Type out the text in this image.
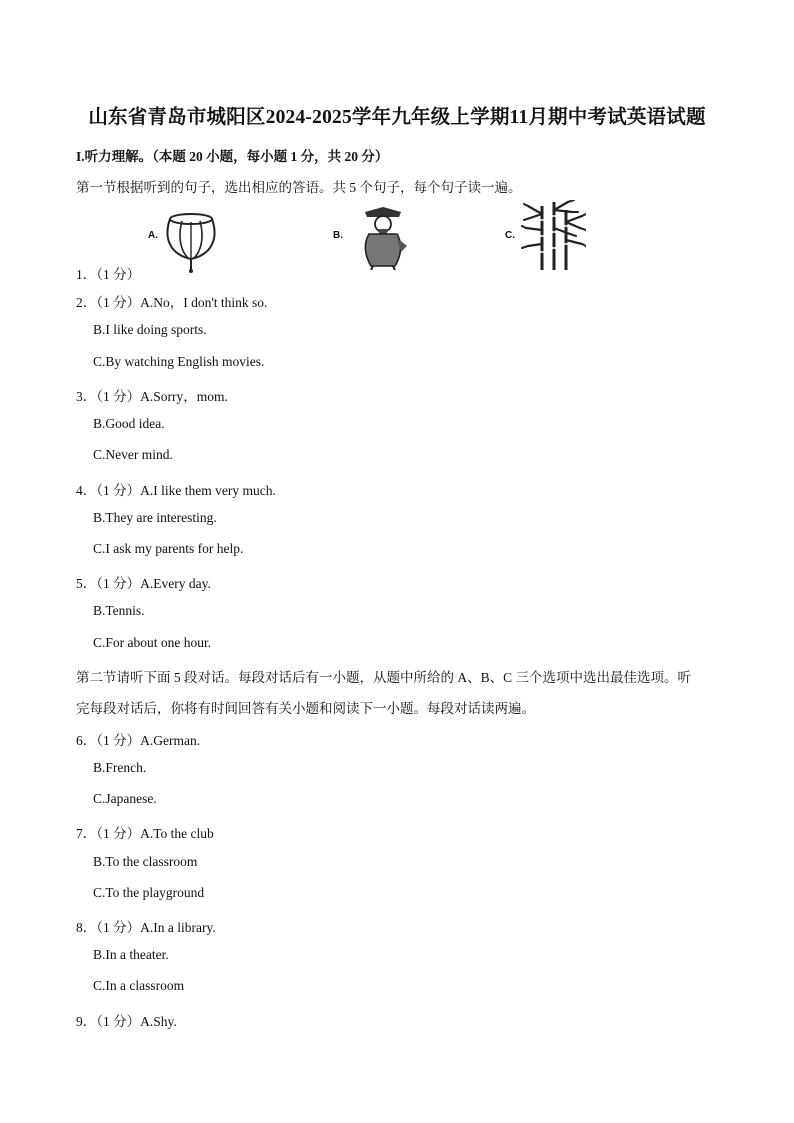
山东省青岛市城阳区2024-2025学年九年级上学期11月期中考试英语试题
I.听力理解。（本题 20 小题，每小题 1 分，共 20 分）
第一节根据听到的句子，选出相应的答语。共 5 个句子，每个句子读一遍。
A.	B.	C.
1．（1 分）
2．（1 分）A.No，I don't think so.
B.I like doing sports.
C.By watching English movies.
3．（1 分）A.Sorry，mom.
B.Good idea.
C.Never mind.
4．（1 分）A.I like them very much.
B.They are interesting.
C.I ask my parents for help.
5．（1 分）A.Every day.
B.Tennis.
C.For about one hour.
第二节请听下面 5 段对话。每段对话后有一小题，从题中所给的 A、B、C 三个选项中选出最佳选项。听
完每段对话后，你将有时间回答有关小题和阅读下一小题。每段对话读两遍。
6．（1 分）A.German.
B.French.
C.Japanese.
7．（1 分）A.To the club
B.To the classroom
C.To the playground
8．（1 分）A.In a library.
B.In a theater.
C.In a classroom
9．（1 分）A.Shy.
